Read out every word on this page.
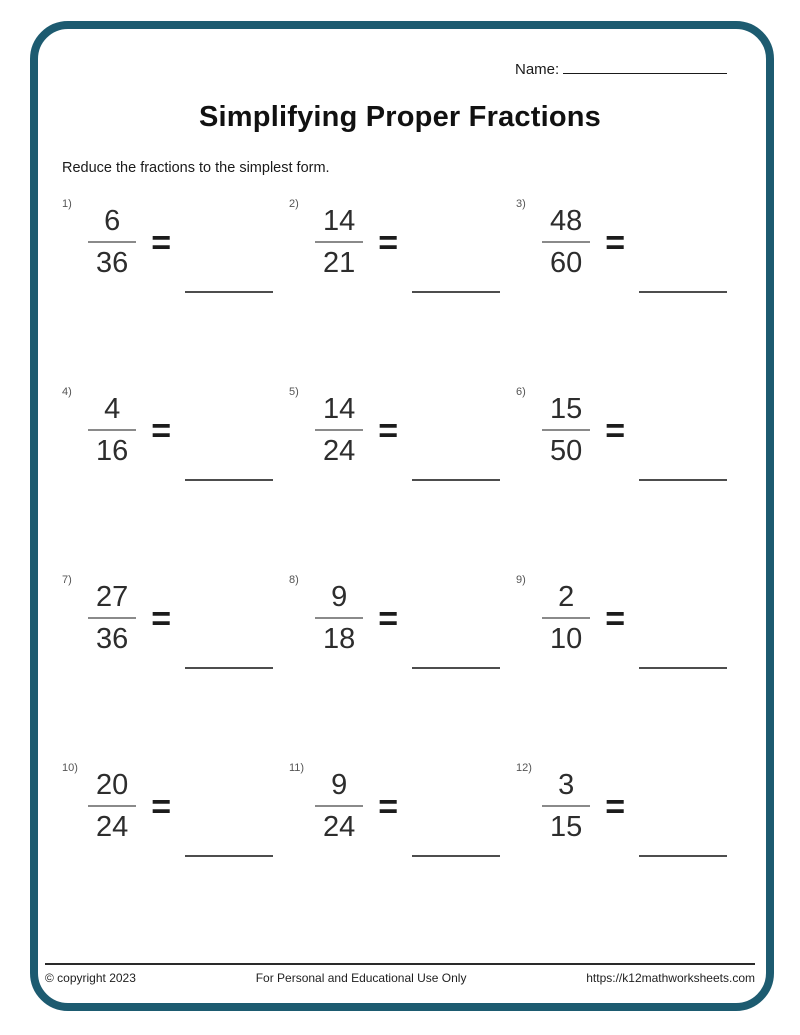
Name:
Simplifying Proper Fractions
Reduce the fractions to the simplest form.
$1) \frac{6}{36}$ =
$2) \frac{14}{21}$ =
$3) \frac{48}{60}$ =
$4) \frac{4}{16}$ =
$5) \frac{14}{24}$ =
$6) \frac{15}{50}$ =
$7) \frac{27}{36}$ =
$8) \frac{9}{18}$ =
$9) \frac{2}{10}$ =
$10) \frac{20}{24}$ =
$11) \frac{9}{24}$ =
$12) \frac{3}{15}$ =
© copyright 2023	For Personal and Educational Use Only	https://k12mathworksheets.com
